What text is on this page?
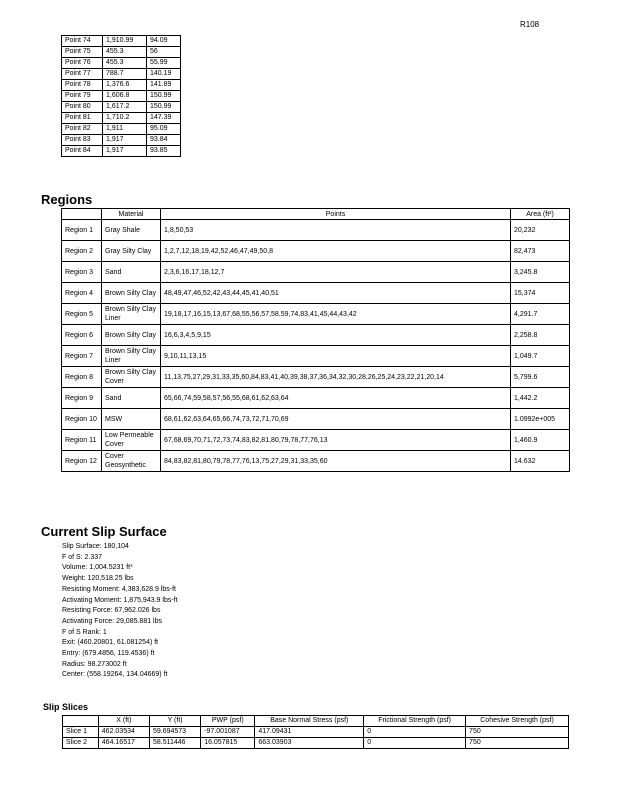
R108
Point 74	1,910.99	94.09
Point 75	455.3	56
Point 76	455.3	55.99
Point 77	788.7	140.19
Point 78	1,376.6	141.89
Point 79	1,606.8	150.99
Point 80	1,617.2	150.99
Point 81	1,710.2	147.39
Point 82	1,911	95.09
Point 83	1,917	93.84
Point 84	1,917	93.85
Regions
	Material	Points	Area (ft²)
Region 1	Gray Shale	1,8,50,53	20,232
Region 2	Gray Silty Clay	1,2,7,12,18,19,42,52,46,47,49,50,8	82,473
Region 3	Sand	2,3,6,16,17,18,12,7	3,245.8
Region 4	Brown Silty Clay	48,49,47,46,52,42,43,44,45,41,40,51	15,374
Region 5	Brown Silty Clay Liner	19,18,17,16,15,13,67,68,55,56,57,58,59,74,83,41,45,44,43,42	4,291.7
Region 6	Brown Silty Clay	16,6,3,4,5,9,15	2,258.8
Region 7	Brown Silty Clay Liner	9,10,11,13,15	1,049.7
Region 8	Brown Silty Clay Cover	11,13,75,27,29,31,33,35,60,84,83,41,40,39,38,37,36,34,32,30,28,26,25,24,23,22,21,20,14	5,799.6
Region 9	Sand	65,66,74,59,58,57,56,55,68,61,62,63,64	1,442.2
Region 10	MSW	68,61,62,63,64,65,66,74,73,72,71,70,69	1.0992e+005
Region 11	Low Permeable Cover	67,68,69,70,71,72,73,74,83,82,81,80,79,78,77,76,13	1,460.9
Region 12	Cover Geosynthetic	84,83,82,81,80,79,78,77,76,13,75,27,29,31,33,35,60	14.632
Current Slip Surface
Slip Surface: 180,104
F of S: 2.337
Volume: 1,004.5231 ft³
Weight: 120,518.25 lbs
Resisting Moment: 4,383,628.9 lbs-ft
Activating Moment: 1,875,943.9 lbs-ft
Resisting Force: 67,962.026 lbs
Activating Force: 29,085.881 lbs
F of S Rank: 1
Exit: (460.20801, 61.081254) ft
Entry: (679.4856, 119.4536) ft
Radius: 98.273002 ft
Center: (558.19264, 134.04669) ft
Slip Slices
	X (ft)	Y (ft)	PWP (psf)	Base Normal Stress (psf)	Frictional Strength (psf)	Cohesive Strength (psf)
Slice 1	462.03534	59.694573	-97.001087	417.09431	0	750
Slice 2	464.16517	58.511446	16.057815	663.03903	0	750
